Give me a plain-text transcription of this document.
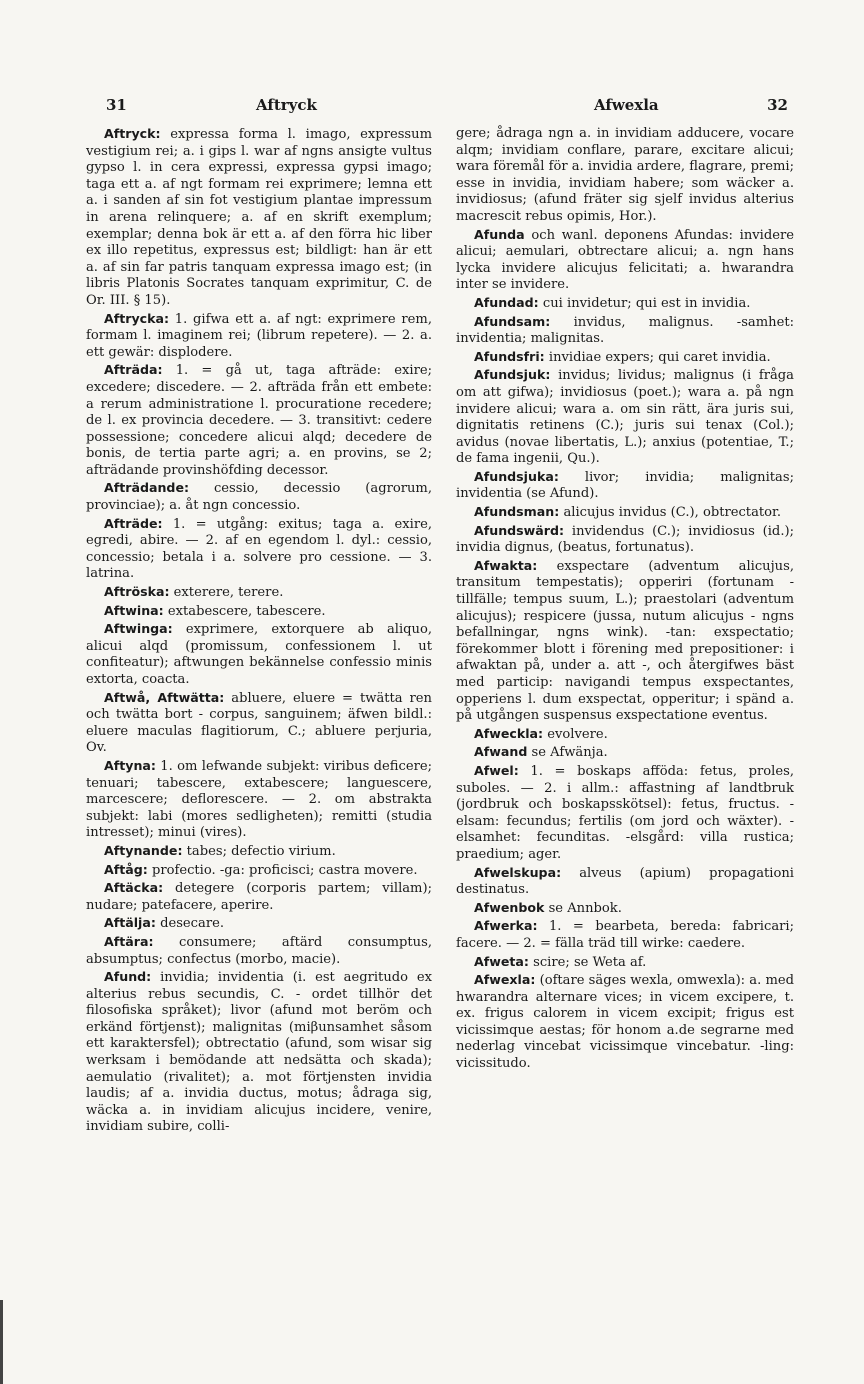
31	Aftryck	Afwexla	32

Aftryck: expressa forma l. imago, expressum vestigium rei; a. i gips l. war af ngns ansigte vultus gypso l. in cera expressi, expressa gypsi imago; taga ett a. af ngt formam rei exprimere; lemna ett a. i sanden af sin fot vestigium plantae impressum in arena relinquere; a. af en skrift exemplum; exemplar; denna bok är ett a. af den förra hic liber ex illo repetitus, expressus est; bildligt: han är ett a. af sin far patris tanquam expressa imago est; (in libris Platonis Socrates tanquam exprimitur, C. de Or. III. § 15).

Aftrycka: 1. gifwa ett a. af ngt: exprimere rem, formam l. imaginem rei; (librum repetere). — 2. a. ett gewär: displodere.

Afträda: 1. = gå ut, taga afträde: exire; excedere; discedere. — 2. afträda från ett embete: a rerum administratione l. procuratione recedere; de l. ex provincia decedere. — 3. transitivt: cedere possessione; concedere alicui alqd; decedere de bonis, de tertia parte agri; a. en provins, se 2; afträdande provinshöfding decessor.

Afträdande: cessio, decessio (agrorum, provinciae); a. åt ngn concessio.

Afträde: 1. = utgång: exitus; taga a. exire, egredi, abire. — 2. af en egendom l. dyl.: cessio, concessio; betala i a. solvere pro cessione. — 3. latrina.

Aftröska: exterere, terere.

Aftwina: extabescere, tabescere.

Aftwinga: exprimere, extorquere ab aliquo, alicui alqd (promissum, confessionem l. ut confiteatur); aftwungen bekännelse confessio minis extorta, coacta.

Aftwå, Aftwätta: abluere, eluere = twätta ren och twätta bort - corpus, sanguinem; äfwen bildl.: eluere maculas flagitiorum, C.; abluere perjuria, Ov.

Aftyna: 1. om lefwande subjekt: viribus deficere; tenuari; tabescere, extabescere; languescere, marcescere; deflorescere. — 2. om abstrakta subjekt: labi (mores sedligheten); remitti (studia intresset); minui (vires).

Aftynande: tabes; defectio virium.

Aftåg: profectio. -ga: proficisci; castra movere.

Aftäcka: detegere (corporis partem; villam); nudare; patefacere, aperire.

Aftälja: desecare.

Aftära: consumere; aftärd consumptus, absumptus; confectus (morbo, macie).

Afund: invidia; invidentia (i. est aegritudo ex alterius rebus secundis, C. - ordet tillhör det filosofiska språket); livor (afund mot beröm och erkänd förtjenst); malignitas (miβunsamhet såsom ett karaktersfel); obtrectatio (afund, som wisar sig werksam i bemödande att nedsätta och skada); aemulatio (rivalitet); a. mot förtjensten invidia laudis; af a. invidia ductus, motus; ådraga sig, wäcka a. in invidiam alicujus incidere, venire, invidiam subire, colli-

gere; ådraga ngn a. in invidiam adducere, vocare alqm; invidiam conflare, parare, excitare alicui; wara föremål för a. invidia ardere, flagrare, premi; esse in invidia, invidiam habere; som wäcker a. invidiosus; (afund fräter sig sjelf invidus alterius macrescit rebus opimis, Hor.).

Afunda och wanl. deponens Afundas: invidere alicui; aemulari, obtrectare alicui; a. ngn hans lycka invidere alicujus felicitati; a. hwarandra inter se invidere.

Afundad: cui invidetur; qui est in invidia.

Afundsam: invidus, malignus. -samhet: invidentia; malignitas.

Afundsfri: invidiae expers; qui caret invidia.

Afundsjuk: invidus; lividus; malignus (i fråga om att gifwa); invidiosus (poet.); wara a. på ngn invidere alicui; wara a. om sin rätt, ära juris sui, dignitatis retinens (C.); juris sui tenax (Col.); avidus (novae libertatis, L.); anxius (potentiae, T.; de fama ingenii, Qu.).

Afundsjuka: livor; invidia; malignitas; invidentia (se Afund).

Afundsman: alicujus invidus (C.), obtrectator.

Afundswärd: invidendus (C.); invidiosus (id.); invidia dignus, (beatus, fortunatus).

Afwakta: exspectare (adventum alicujus, transitum tempestatis); opperiri (fortunam - tillfälle; tempus suum, L.); praestolari (adventum alicujus); respicere (jussa, nutum alicujus - ngns befallningar, ngns wink). -tan: exspectatio; förekommer blott i förening med prepositioner: i afwaktan på, under a. att -, och återgifwes bäst med particip: navigandi tempus exspectantes, opperiens l. dum exspectat, opperitur; i spänd a. på utgången suspensus exspectatione eventus.

Afweckla: evolvere.

Afwand se Afwänja.

Afwel: 1. = boskaps afföda: fetus, proles, suboles. — 2. i allm.: affastning af landtbruk (jordbruk och boskapsskötsel): fetus, fructus. -elsam: fecundus; fertilis (om jord och wäxter). -elsamhet: fecunditas. -elsgård: villa rustica; praedium; ager.

Afwelskupa: alveus (apium) propagationi destinatus.

Afwenbok se Annbok.

Afwerka: 1. = bearbeta, bereda: fabricari; facere. — 2. = fälla träd till wirke: caedere.

Afweta: scire; se Weta af.

Afwexla: (oftare säges wexla, omwexla): a. med hwarandra alternare vices; in vicem excipere, t. ex. frigus calorem in vicem excipit; frigus est vicissimque aestas; för honom a.de segrarne med nederlag vincebat vicissimque vincebatur. -ling: vicissitudo.
